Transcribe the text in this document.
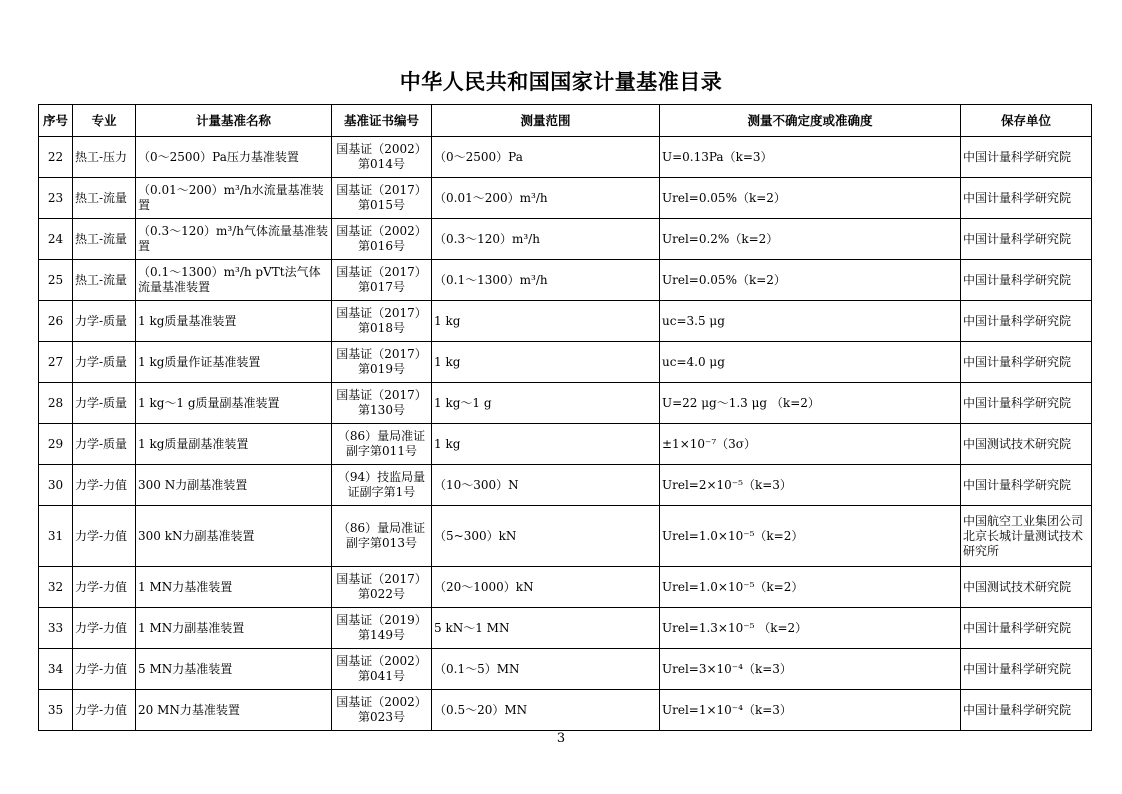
中华人民共和国国家计量基准目录
序号	专业	计量基准名称	基准证书编号	测量范围	测量不确定度或准确度	保存单位
22	热工-压力	（0～2500）Pa压力基准装置	国基证（2002）第014号	（0～2500）Pa	U=0.13Pa（k=3）	中国计量科学研究院
23	热工-流量	（0.01～200）m³/h水流量基准装置	国基证（2017）第015号	（0.01～200）m³/h	Urel=0.05%（k=2）	中国计量科学研究院
24	热工-流量	（0.3～120）m³/h气体流量基准装置	国基证（2002）第016号	（0.3～120）m³/h	Urel=0.2%（k=2）	中国计量科学研究院
25	热工-流量	（0.1～1300）m³/h pVTt法气体流量基准装置	国基证（2017）第017号	（0.1～1300）m³/h	Urel=0.05%（k=2）	中国计量科学研究院
26	力学-质量	1 kg质量基准装置	国基证（2017）第018号	1 kg	uc=3.5 μg	中国计量科学研究院
27	力学-质量	1 kg质量作证基准装置	国基证（2017）第019号	1 kg	uc=4.0 μg	中国计量科学研究院
28	力学-质量	1 kg～1 g质量副基准装置	国基证（2017）第130号	1 kg～1 g	U=22 μg～1.3 μg （k=2）	中国计量科学研究院
29	力学-质量	1 kg质量副基准装置	（86）量局准证副字第011号	1 kg	±1×10⁻⁷（3σ）	中国测试技术研究院
30	力学-力值	300 N力副基准装置	（94）技监局量证副字第1号	（10～300）N	Urel=2×10⁻⁵（k=3）	中国计量科学研究院
31	力学-力值	300 kN力副基准装置	（86）量局准证副字第013号	（5~300）kN	Urel=1.0×10⁻⁵（k=2）	中国航空工业集团公司北京长城计量测试技术研究所
32	力学-力值	1 MN力基准装置	国基证（2017）第022号	（20～1000）kN	Urel=1.0×10⁻⁵（k=2）	中国测试技术研究院
33	力学-力值	1 MN力副基准装置	国基证（2019）第149号	5 kN～1 MN	Urel=1.3×10⁻⁵ （k=2）	中国计量科学研究院
34	力学-力值	5 MN力基准装置	国基证（2002）第041号	（0.1～5）MN	Urel=3×10⁻⁴（k=3）	中国计量科学研究院
35	力学-力值	20 MN力基准装置	国基证（2002）第023号	（0.5～20）MN	Urel=1×10⁻⁴（k=3）	中国计量科学研究院
3
